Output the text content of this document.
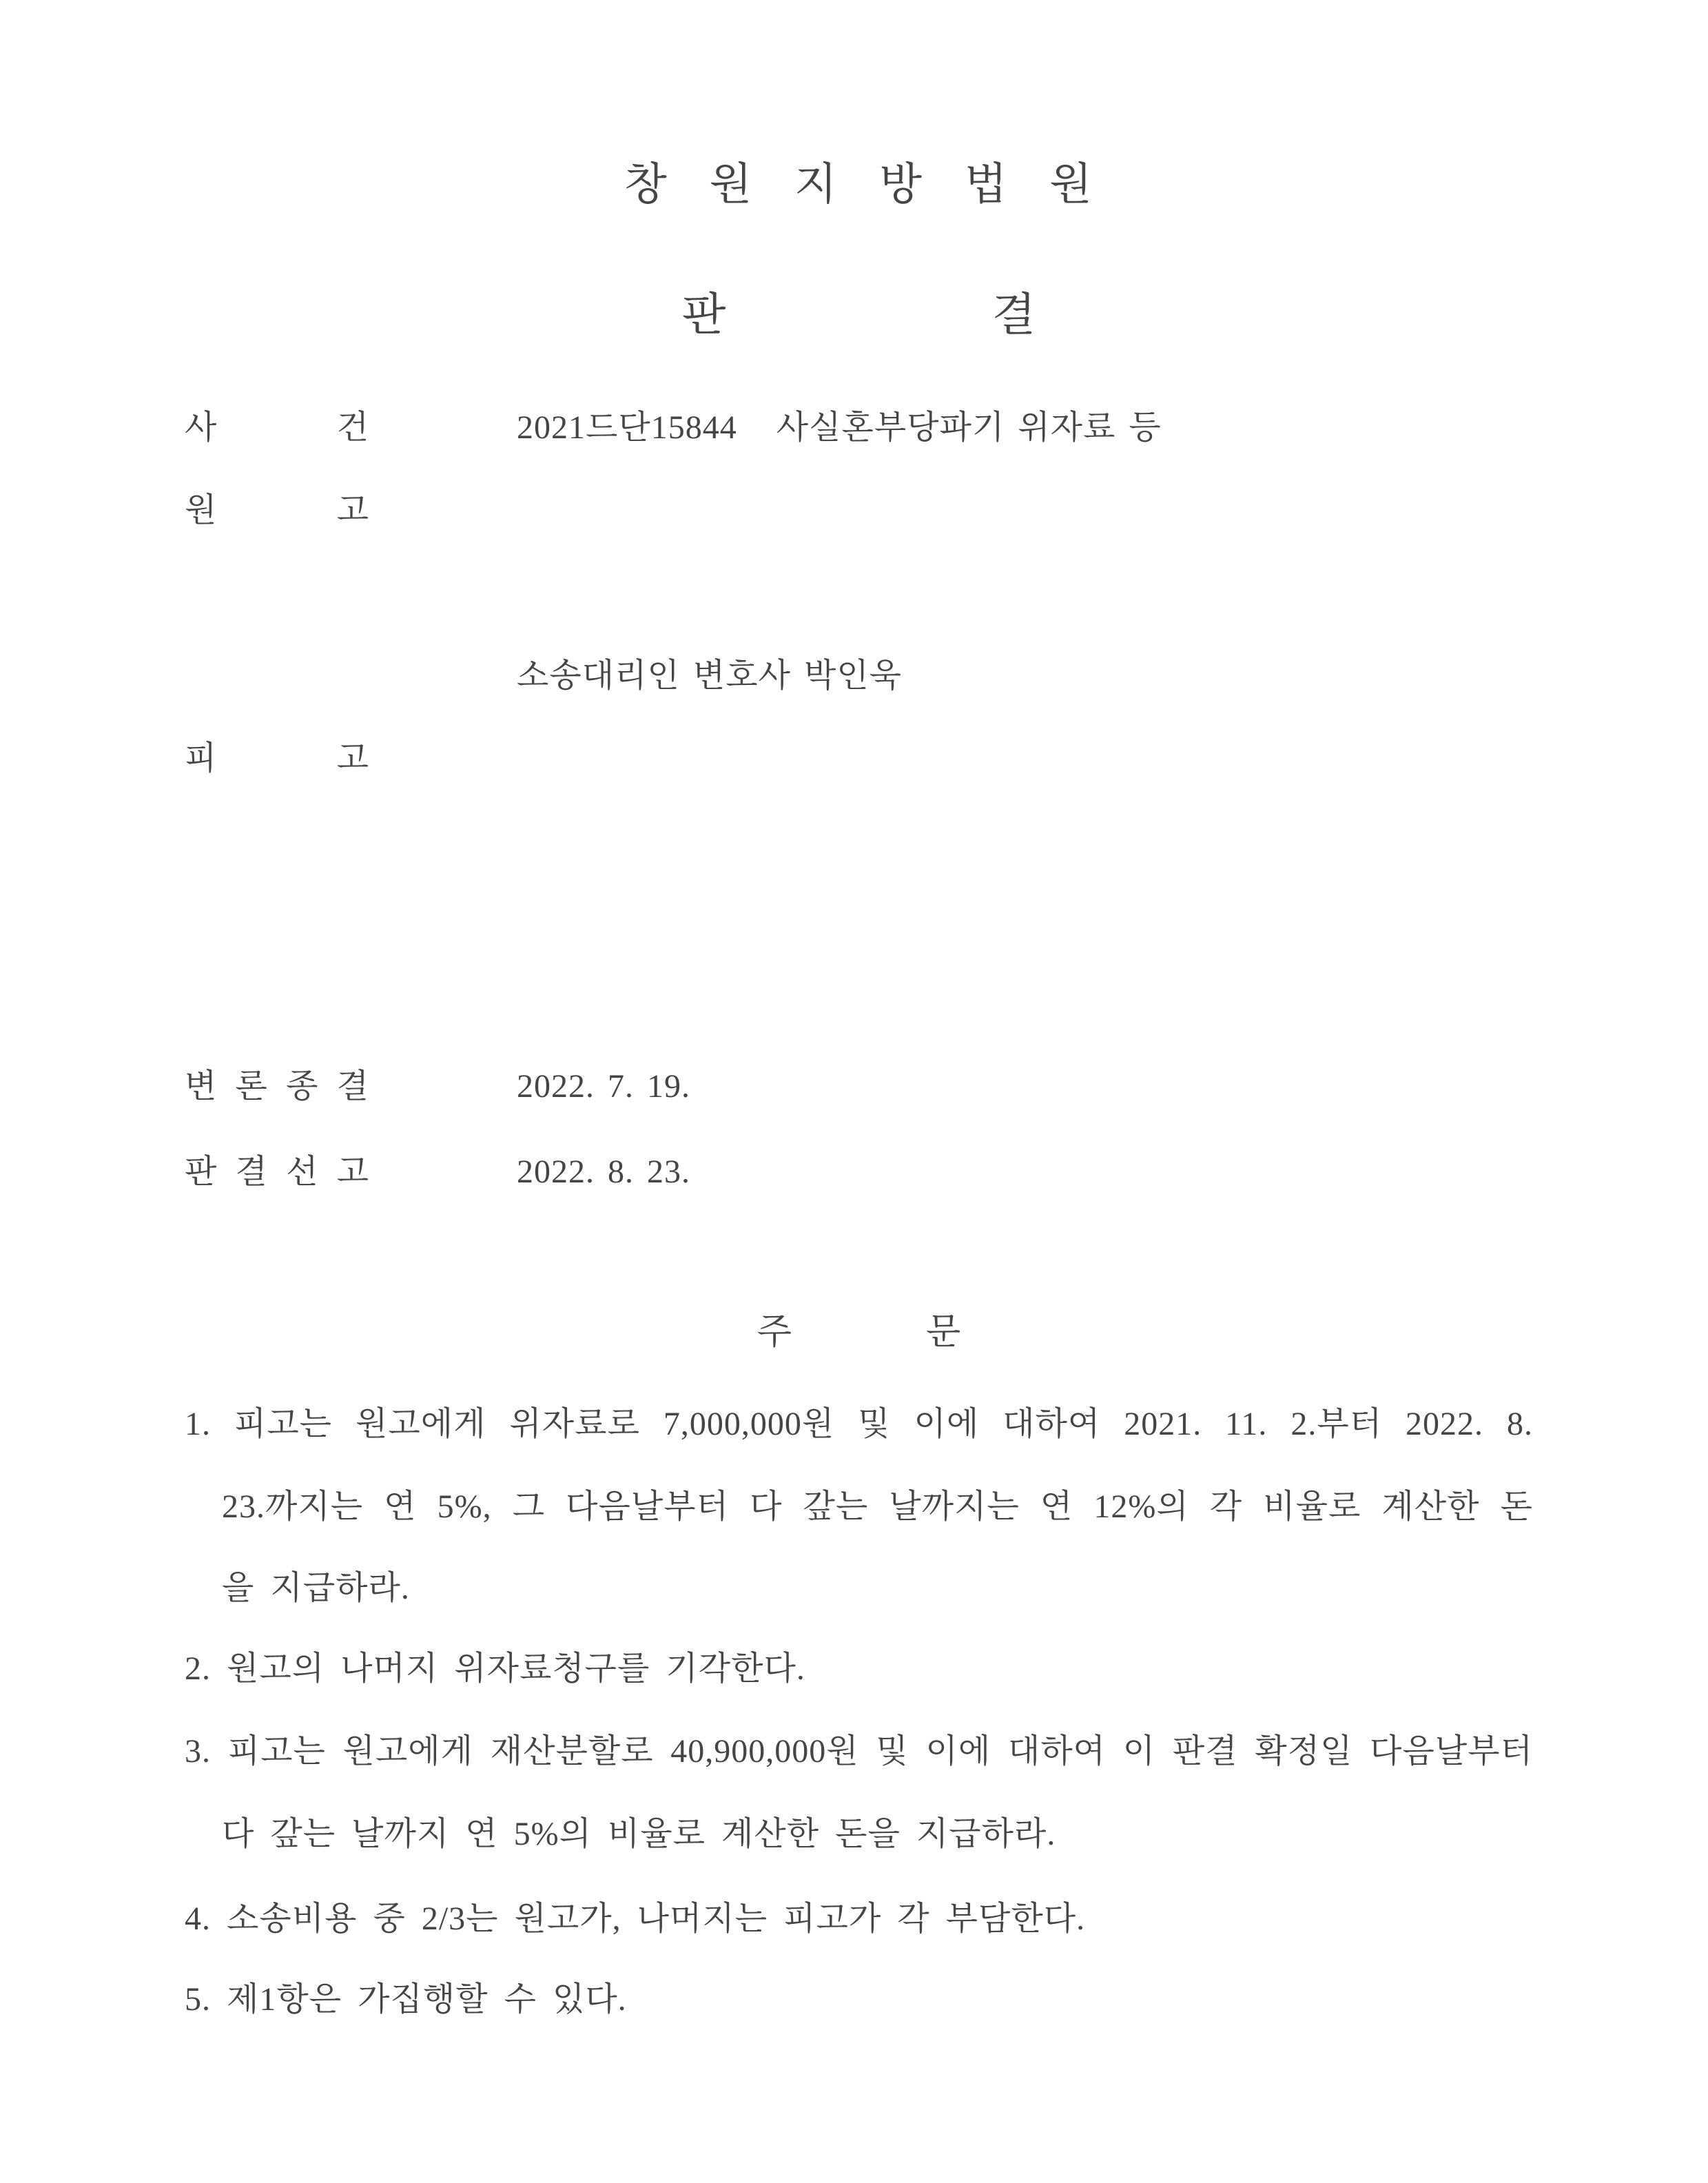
창 원 지 방 법 원
판   결
사 건	2021드단15844   사실혼부당파기 위자료 등
원 고
소송대리인 변호사 박인욱
피 고
변 론 종 결	2022. 7. 19.
판 결 선 고	2022. 8. 23.
주   문
1. 피고는 원고에게 위자료로 7,000,000원 및 이에 대하여 2021. 11. 2.부터 2022. 8.
23.까지는 연 5%, 그 다음날부터 다 갚는 날까지는 연 12%의 각 비율로 계산한 돈
을 지급하라.
2. 원고의 나머지 위자료청구를 기각한다.
3. 피고는 원고에게 재산분할로 40,900,000원 및 이에 대하여 이 판결 확정일 다음날부터
다 갚는 날까지 연 5%의 비율로 계산한 돈을 지급하라.
4. 소송비용 중 2/3는 원고가, 나머지는 피고가 각 부담한다.
5. 제1항은 가집행할 수 있다.
